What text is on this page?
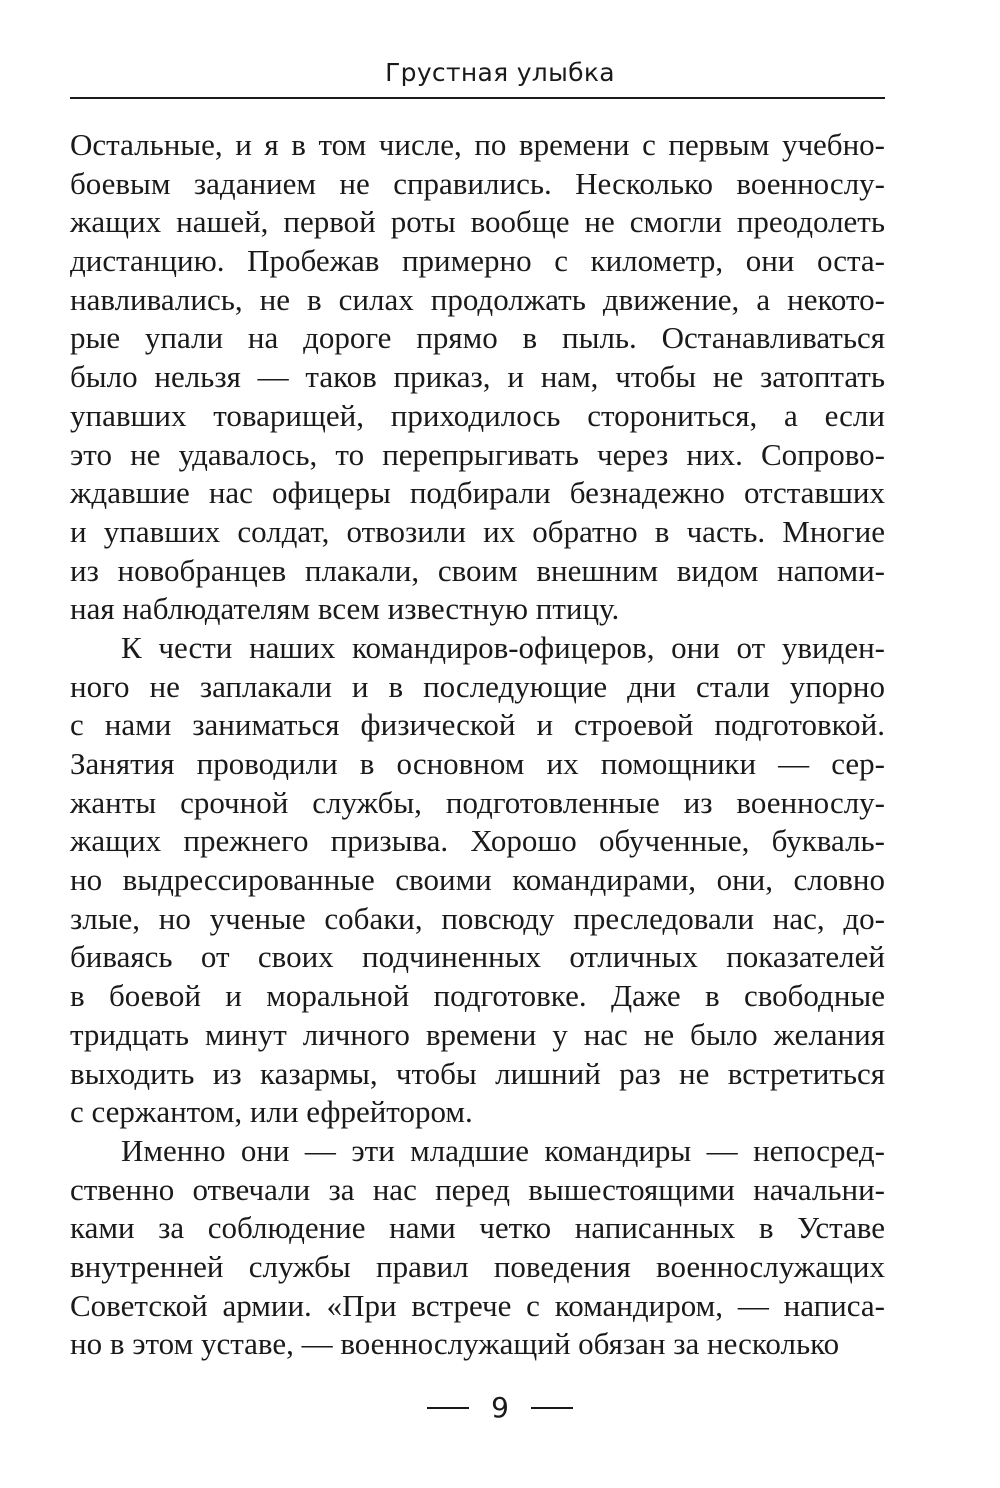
Грустная улыбка
Остальные, и я в том числе, по времени с первым учебно-
боевым заданием не справились. Несколько военнослу-
жащих нашей, первой роты вообще не смогли преодолеть
дистанцию. Пробежав примерно с километр, они оста-
навливались, не в силах продолжать движение, а некото-
рые упали на дороге прямо в пыль. Останавливаться
было нельзя — таков приказ, и нам, чтобы не затоптать
упавших товарищей, приходилось сторониться, а если
это не удавалось, то перепрыгивать через них. Сопрово-
ждавшие нас офицеры подбирали безнадежно отставших
и упавших солдат, отвозили их обратно в часть. Многие
из новобранцев плакали, своим внешним видом напоми-
ная наблюдателям всем известную птицу.
К чести наших командиров-офицеров, они от увиден-
ного не заплакали и в последующие дни стали упорно
с нами заниматься физической и строевой подготовкой.
Занятия проводили в основном их помощники — сер-
жанты срочной службы, подготовленные из военнослу-
жащих прежнего призыва. Хорошо обученные, букваль-
но выдрессированные своими командирами, они, словно
злые, но ученые собаки, повсюду преследовали нас, до-
биваясь от своих подчиненных отличных показателей
в боевой и моральной подготовке. Даже в свободные
тридцать минут личного времени у нас не было желания
выходить из казармы, чтобы лишний раз не встретиться
с сержантом, или ефрейтором.
Именно они — эти младшие командиры — непосред-
ственно отвечали за нас перед вышестоящими начальни-
ками за соблюдение нами четко написанных в Уставе
внутренней службы правил поведения военнослужащих
Советской армии. «При встрече с командиром, — написа-
но в этом уставе, — военнослужащий обязан за несколько
9
